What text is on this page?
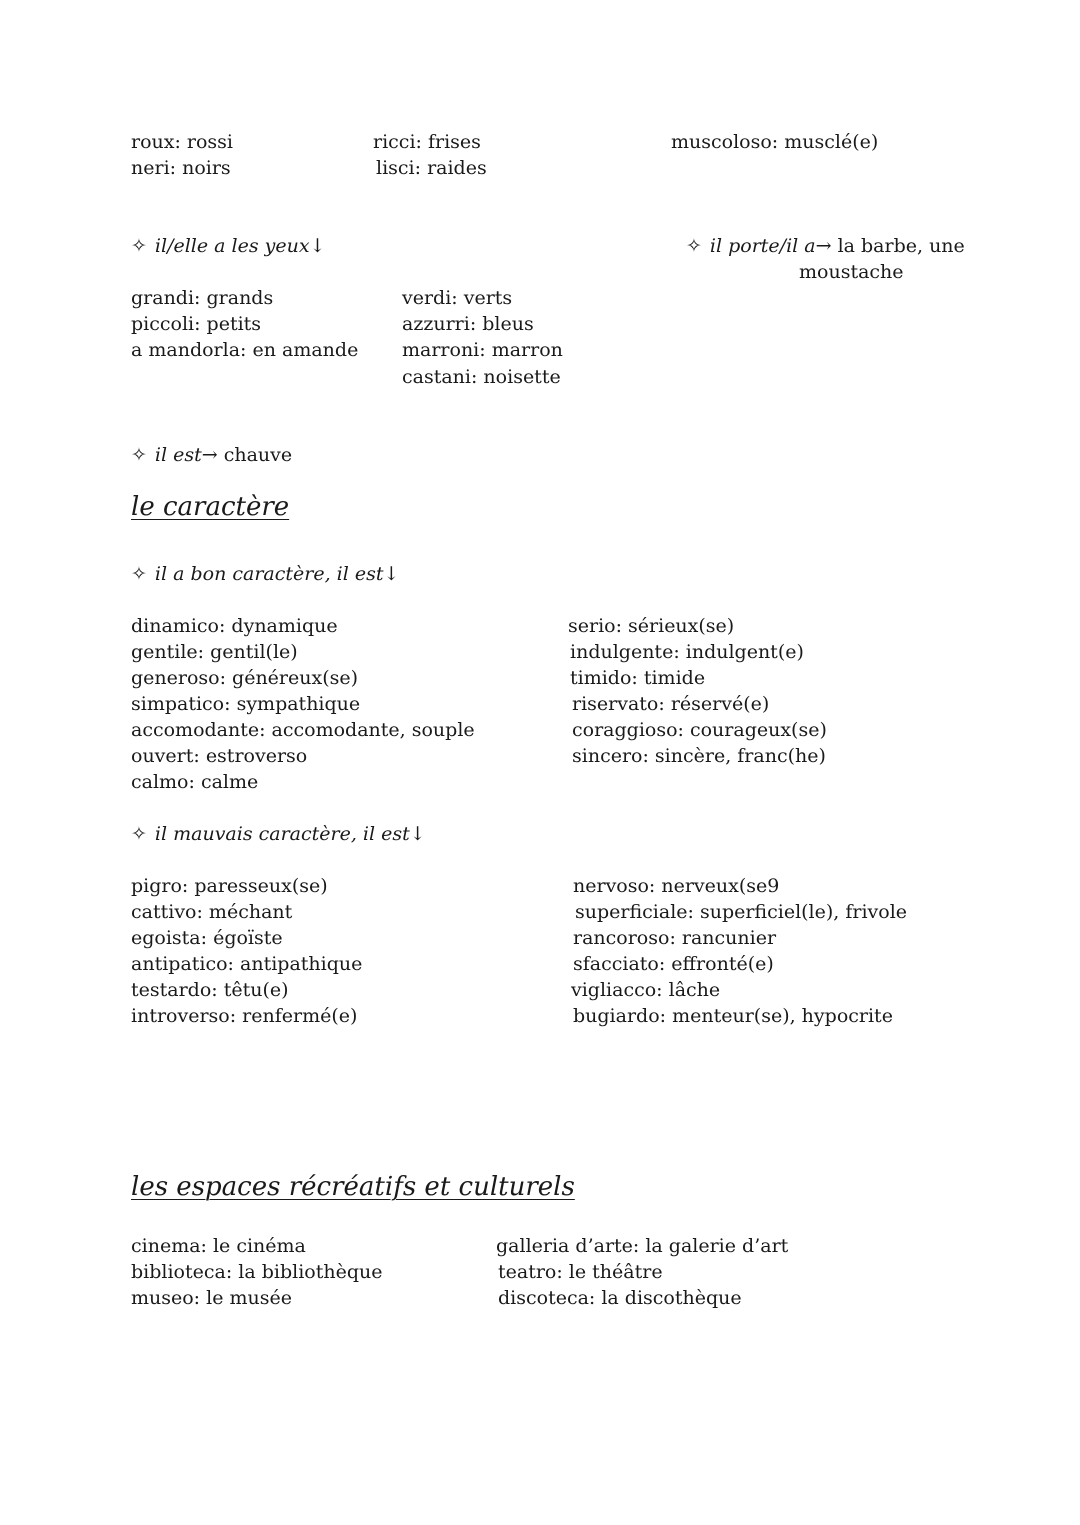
roux: rossi
neri: noirs
ricci: frises
lisci: raides
muscoloso: musclé(e)
✧ il/elle a les yeux↓	✧ il porte/il a→ la barbe, une
moustache
grandi: grands
piccoli: petits
a mandorla: en amande
verdi: verts
azzurri: bleus
marroni: marron
castani: noisette
✧ il est→ chauve
le caractère
✧ il a bon caractère, il est↓
dinamico: dynamique
gentile: gentil(le)
generoso: généreux(se)
simpatico: sympathique
accomodante: accomodante, souple
ouvert: estroverso
calmo: calme
serio: sérieux(se)
indulgente: indulgent(e)
timido: timide
riservato: réservé(e)
coraggioso: courageux(se)
sincero: sincère, franc(he)
✧ il mauvais caractère, il est↓
pigro: paresseux(se)
cattivo: méchant
egoista: égoïste
antipatico: antipathique
testardo: têtu(e)
introverso: renfermé(e)
nervoso: nerveux(se9
superficiale: superficiel(le), frivole
rancoroso: rancunier
sfacciato: effronté(e)
vigliacco: lâche
bugiardo: menteur(se), hypocrite
les espaces récréatifs et culturels
cinema: le cinéma
biblioteca: la bibliothèque
museo: le musée
galleria d’arte: la galerie d’art
teatro: le théâtre
discoteca: la discothèque
